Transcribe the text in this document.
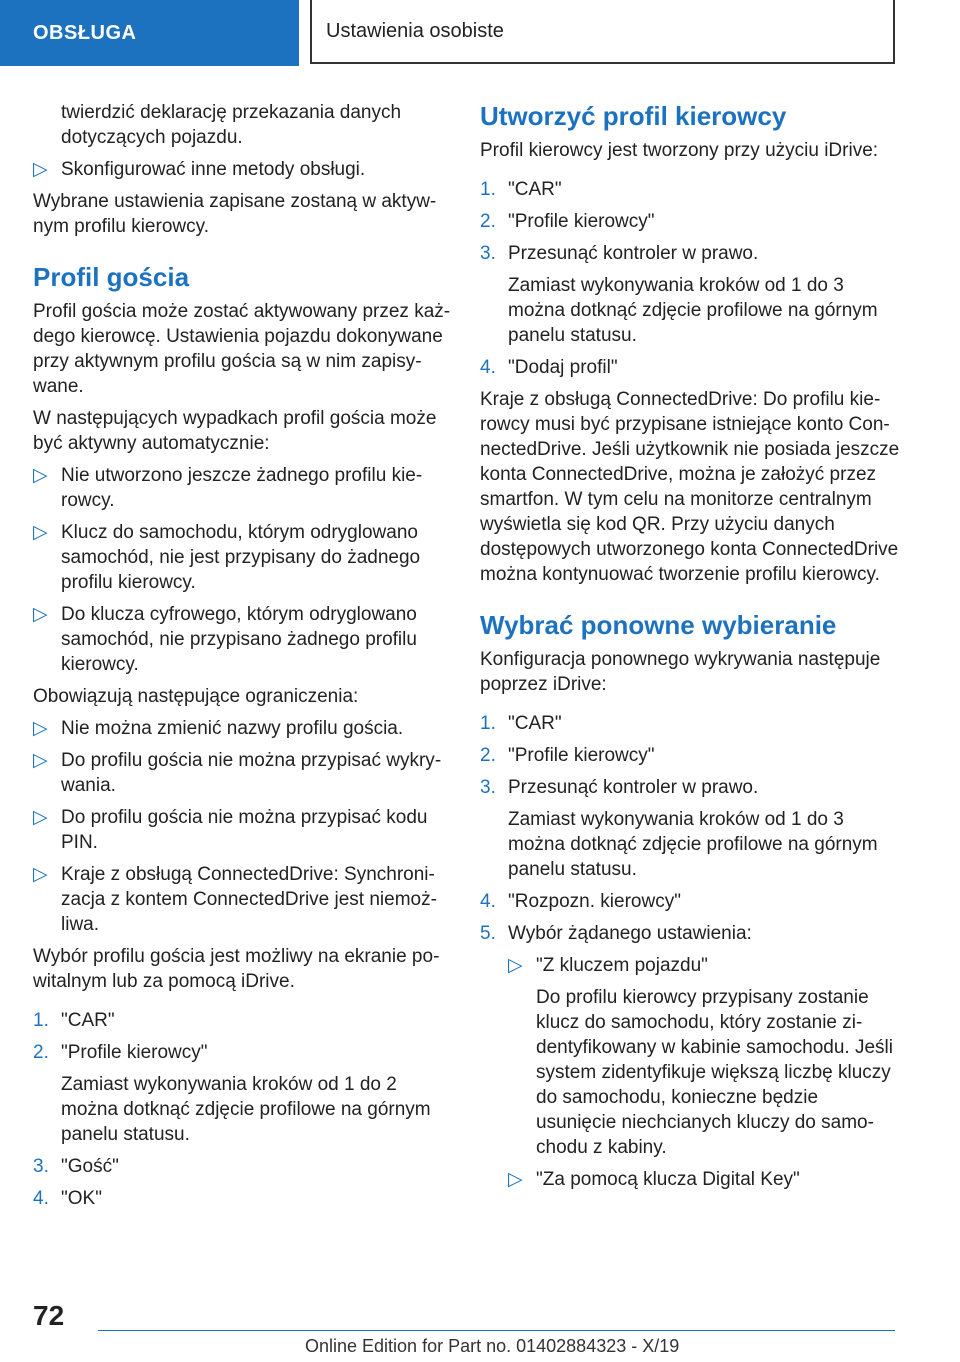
OBSŁUGA	Ustawienia osobiste

twierdzić deklarację przekazania danych dotyczących pojazdu.

▷ Skonfigurować inne metody obsługi.

Wybrane ustawienia zapisane zostaną w aktywnym profilu kierowcy.

Profil gościa

Profil gościa może zostać aktywowany przez każdego kierowcę. Ustawienia pojazdu dokonywane przy aktywnym profilu gościa są w nim zapisywane.

W następujących wypadkach profil gościa może być aktywny automatycznie:

▷ Nie utworzono jeszcze żadnego profilu kierowcy.
▷ Klucz do samochodu, którym odryglowano samochód, nie jest przypisany do żadnego profilu kierowcy.
▷ Do klucza cyfrowego, którym odryglowano samochód, nie przypisano żadnego profilu kierowcy.

Obowiązują następujące ograniczenia:

▷ Nie można zmienić nazwy profilu gościa.
▷ Do profilu gościa nie można przypisać wykrywania.
▷ Do profilu gościa nie można przypisać kodu PIN.
▷ Kraje z obsługą ConnectedDrive: Synchronizacja z kontem ConnectedDrive jest niemożliwa.

Wybór profilu gościa jest możliwy na ekranie powitalnym lub za pomocą iDrive.

1. "CAR"
2. "Profile kierowcy"

Zamiast wykonywania kroków od 1 do 2 można dotknąć zdjęcie profilowe na górnym panelu statusu.

3. "Gość"
4. "OK"
Utworzyć profil kierowcy

Profil kierowcy jest tworzony przy użyciu iDrive:

1. "CAR"
2. "Profile kierowcy"
3. Przesunąć kontroler w prawo.

Zamiast wykonywania kroków od 1 do 3 można dotknąć zdjęcie profilowe na górnym panelu statusu.

4. "Dodaj profil"

Kraje z obsługą ConnectedDrive: Do profilu kierowcy musi być przypisane istniejące konto ConnectedDrive. Jeśli użytkownik nie posiada jeszcze konta ConnectedDrive, można je założyć przez smartfon. W tym celu na monitorze centralnym wyświetla się kod QR. Przy użyciu danych dostępowych utworzonego konta ConnectedDrive można kontynuować tworzenie profilu kierowcy.

Wybrać ponowne wybieranie

Konfiguracja ponownego wykrywania następuje poprzez iDrive:

1. "CAR"
2. "Profile kierowcy"
3. Przesunąć kontroler w prawo.

Zamiast wykonywania kroków od 1 do 3 można dotknąć zdjęcie profilowe na górnym panelu statusu.

4. "Rozpozn. kierowcy"
5. Wybór żądanego ustawienia:
▷ "Z kluczem pojazdu"

Do profilu kierowcy przypisany zostanie klucz do samochodu, który zostanie zidentyfikowany w kabinie samochodu. Jeśli system zidentyfikuje większą liczbę kluczy do samochodu, konieczne będzie usunięcie niechcianych kluczy do samochodu z kabiny.

▷ "Za pomocą klucza Digital Key"
72
Online Edition for Part no. 01402884323 - X/19
